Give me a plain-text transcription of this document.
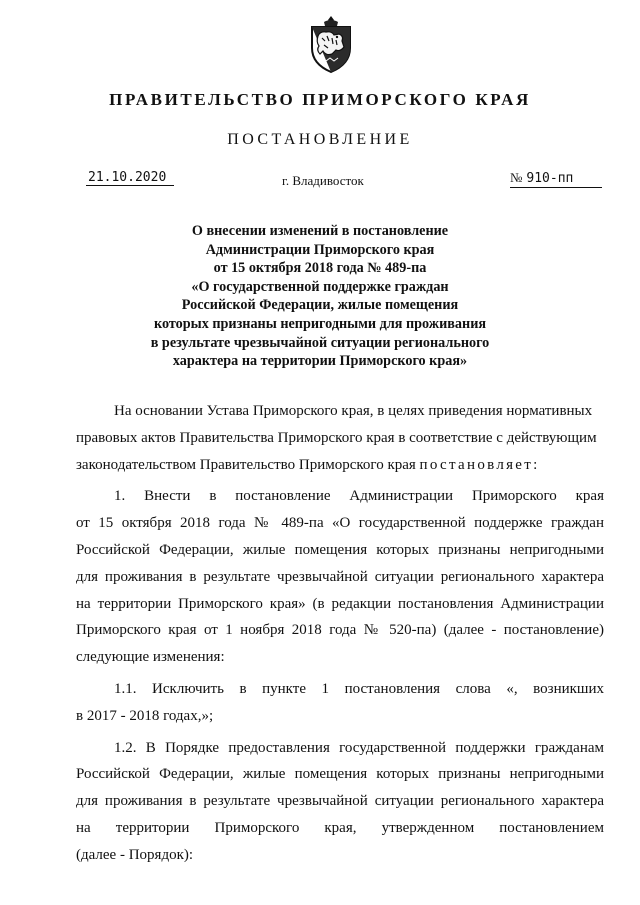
ПРАВИТЕЛЬСТВО ПРИМОРСКОГО КРАЯ
ПОСТАНОВЛЕНИЕ
21.10.2020	г. Владивосток	№ 910-пп
О внесении изменений в постановление
Администрации Приморского края
от 15 октября 2018 года № 489-па
«О государственной поддержке граждан
Российской Федерации, жилые помещения
которых признаны непригодными для проживания
в результате чрезвычайной ситуации регионального
характера на территории Приморского края»
На основании Устава Приморского края, в целях приведения нормативных
правовых актов Правительства Приморского края в соответствие с действующим
законодательством Правительство Приморского края постановляет:
1. Внести в постановление Администрации Приморского края
от 15 октября 2018 года № 489-па «О государственной поддержке граждан
Российской Федерации, жилые помещения которых признаны непригодными
для проживания в результате чрезвычайной ситуации регионального характера
на территории Приморского края» (в редакции постановления Администрации
Приморского края от 1 ноября 2018 года № 520-па) (далее - постановление)
следующие изменения:
1.1. Исключить в пункте 1 постановления слова «, возникших
в 2017 - 2018 годах,»;
1.2. В Порядке предоставления государственной поддержки гражданам
Российской Федерации, жилые помещения которых признаны непригодными
для проживания в результате чрезвычайной ситуации регионального характера
на территории Приморского края, утвержденном постановлением
(далее - Порядок):
